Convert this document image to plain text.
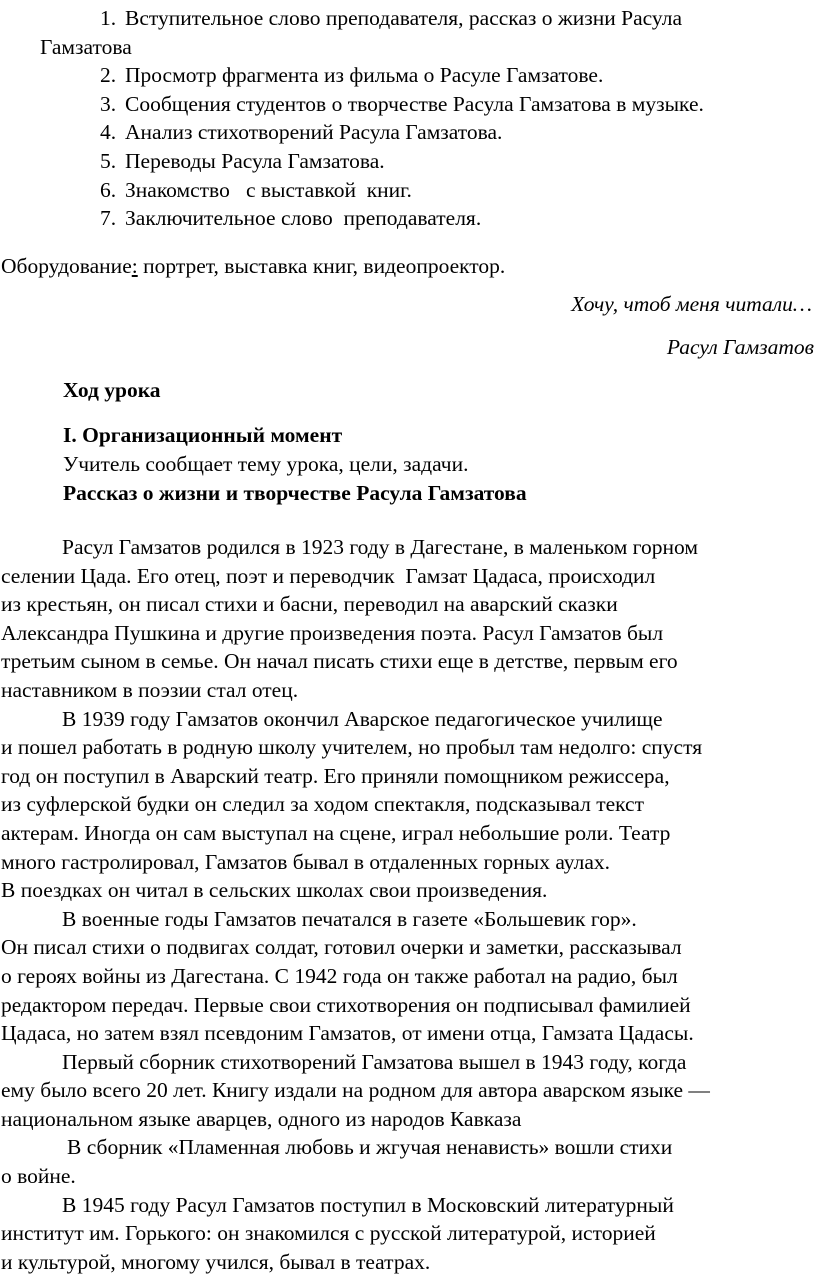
1. Вступительное слово преподавателя, рассказ о жизни Расула
Гамзатова
2. Просмотр фрагмента из фильма о Расуле Гамзатове.
3. Сообщения студентов о творчестве Расула Гамзатова в музыке.
4. Анализ стихотворений Расула Гамзатова.
5. Переводы Расула Гамзатова.
6. Знакомство   с выставкой  книг.
7. Заключительное слово  преподавателя.
Оборудование: портрет, выставка книг, видеопроектор.
Хочу, чтоб меня читали…
Расул Гамзатов
Ход урока
I. Организационный момент
Учитель сообщает тему урока, цели, задачи.
Рассказ о жизни и творчестве Расула Гамзатова

Расул Гамзатов родился в 1923 году в Дагестане, в маленьком горном
селении Цада. Его отец, поэт и переводчик  Гамзат Цадаса, происходил
из крестьян, он писал стихи и басни, переводил на аварский сказки
Александра Пушкина и другие произведения поэта. Расул Гамзатов был
третьим сыном в семье. Он начал писать стихи еще в детстве, первым его
наставником в поэзии стал отец.

В 1939 году Гамзатов окончил Аварское педагогическое училище
и пошел работать в родную школу учителем, но пробыл там недолго: спустя
год он поступил в Аварский театр. Его приняли помощником режиссера,
из суфлерской будки он следил за ходом спектакля, подсказывал текст
актерам. Иногда он сам выступал на сцене, играл небольшие роли. Театр
много гастролировал, Гамзатов бывал в отдаленных горных аулах.
В поездках он читал в сельских школах свои произведения.

В военные годы Гамзатов печатался в газете «Большевик гор».
Он писал стихи о подвигах солдат, готовил очерки и заметки, рассказывал
о героях войны из Дагестана. С 1942 года он также работал на радио, был
редактором передач. Первые свои стихотворения он подписывал фамилией
Цадаса, но затем взял псевдоним Гамзатов, от имени отца, Гамзата Цадасы.

Первый сборник стихотворений Гамзатова вышел в 1943 году, когда
ему было всего 20 лет. Книгу издали на родном для автора аварском языке —
национальном языке аварцев, одного из народов Кавказа

В сборник «Пламенная любовь и жгучая ненависть» вошли стихи
о войне.

В 1945 году Расул Гамзатов поступил в Московский литературный
институт им. Горького: он знакомился с русской литературой, историей
и культурой, многому учился, бывал в театрах.
